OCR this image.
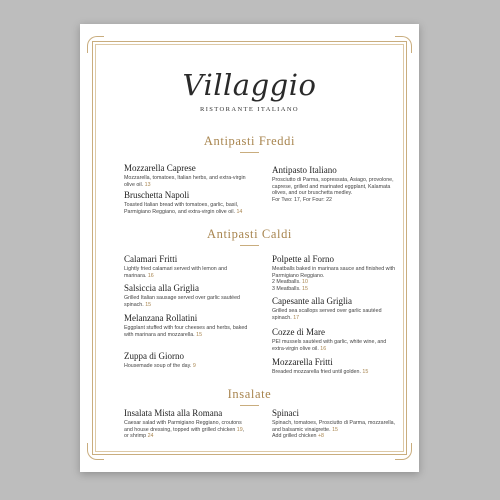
Villaggio
RISTORANTE ITALIANO
Antipasti Freddi
Mozzarella Caprese
Mozzarella, tomatoes, Italian herbs, and extra-virgin olive oil. 13
Bruschetta Napoli
Toasted Italian bread with tomatoes, garlic, basil, Parmigiano Reggiano, and extra-virgin olive oil. 14
Antipasto Italiano
Prosciutto di Parma, sopressata, Asiago, provolone, caprese, grilled and marinated eggplant, Kalamata olives, and our bruschetta medley.
For Two: 17, For Four: 22
Antipasti Caldi
Calamari Fritti
Lightly fried calamari served with lemon and marinara. 16
Salsiccia alla Griglia
Grilled Italian sausage served over garlic sautéed spinach. 15
Melanzana Rollatini
Eggplant stuffed with four cheeses and herbs, baked with marinara and mozzarella. 15
Zuppa di Giorno
Housemade soup of the day. 9
Polpette al Forno
Meatballs baked in marinara sauce and finished with Parmigiano Reggiano.
2 Meatballs. 10
3 Meatballs. 15
Capesante alla Griglia
Grilled sea scallops served over garlic sautéed spinach. 17
Cozze di Mare
PEI mussels sautéed with garlic, white wine, and extra-virgin olive oil. 16
Mozzarella Fritti
Breaded mozzarella fried until golden. 15
Insalate
Insalata Mista alla Romana
Caesar salad with Parmigiano Reggiano, croutons and house dressing, topped with grilled chicken 19, or shrimp 24
Spinaci
Spinach, tomatoes, Prosciutto di Parma, mozzarella, and balsamic vinaigrette. 15
Add grilled chicken +8
